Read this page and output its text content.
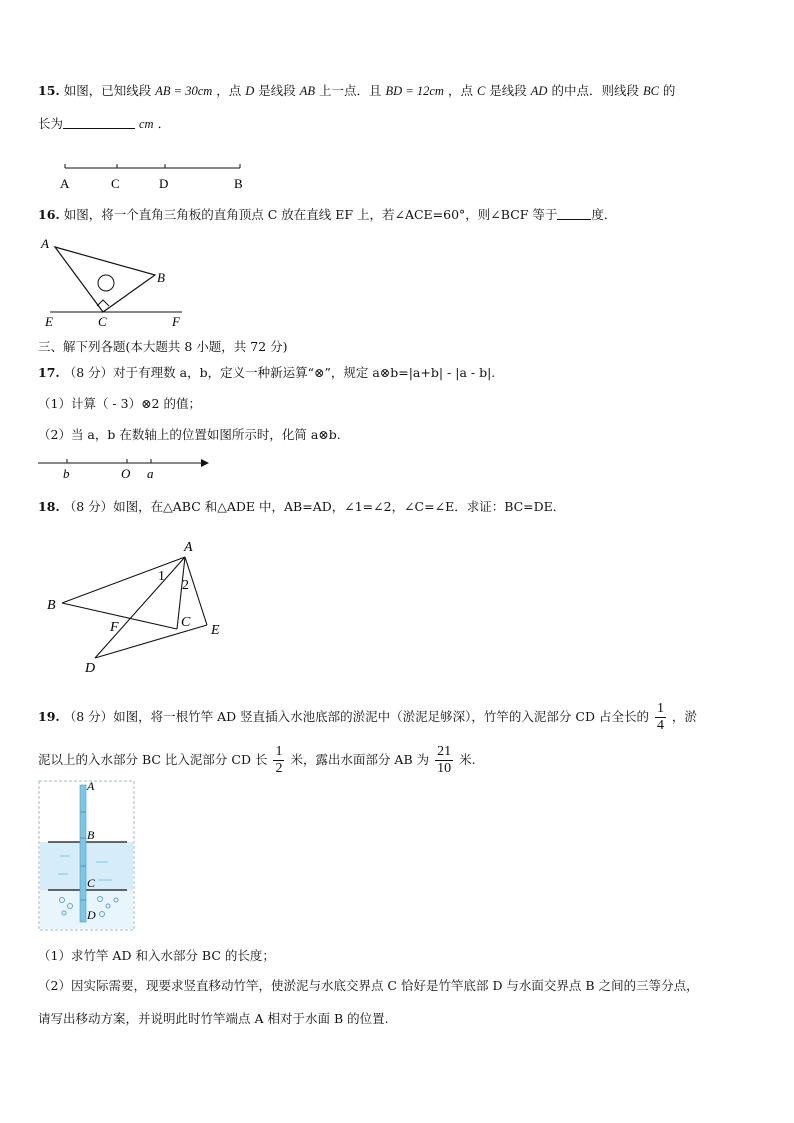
15. 如图，已知线段 AB = 30cm ，点 D 是线段 AB 上一点．且 BD = 12cm ，点 C 是线段 AD 的中点．则线段 BC 的
长为	cm ．
A	C	D	B
16. 如图，将一个直角三角板的直角顶点 C 放在直线 EF 上，若∠ACE=60°，则∠BCF 等于	度．
A
B
C
E	F
三、解下列各题(本大题共 8 小题，共 72 分)
17. （8 分）对于有理数 a，b，定义一种新运算“⊗”，规定 a⊗b=|a+b| - |a - b|.
（1）计算（ - 3）⊗2 的值；
（2）当 a，b 在数轴上的位置如图所示时，化简 a⊗b.
b	O a
18. （8 分）如图，在△ABC 和△ADE 中，AB=AD，∠1=∠2，∠C=∠E．求证：BC=DE．
A
B
C
D
E
F
1
2
19. （8 分）如图，将一根竹竿 AD 竖直插入水池底部的淤泥中（淤泥足够深），竹竿的入泥部分 CD 占全长的 $\frac{1}{4}$ ，淤
泥以上的入水部分 BC 比入泥部分 CD 长 $\frac{1}{2}$ 米，露出水面部分 AB 为 $\frac{21}{10}$ 米.
A
B
C
D
（1）求竹竿 AD 和入水部分 BC 的长度；
（2）因实际需要，现要求竖直移动竹竿，使淤泥与水底交界点 C 恰好是竹竿底部 D 与水面交界点 B 之间的三等分点，
请写出移动方案，并说明此时竹竿端点 A 相对于水面 B 的位置.
